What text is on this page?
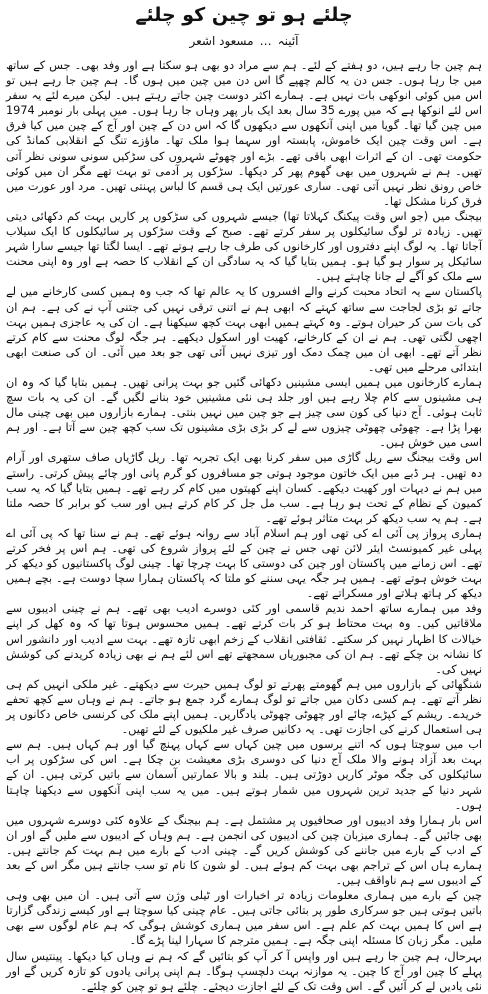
چلئے ہو تو چین کو چلئے
آئینہ…مسعود اشعر

ہم چین جا رہے ہیں، دو ہفتے کے لئے۔ ہم سے مراد دو بھی ہو سکتا ہے اور وفد بھی۔ جس کے ساتھ میں جا رہا ہوں۔ جس دن یہ کالم چھپے گا اس دن میں چین میں ہوں گا۔ ہم چین جا رہے ہیں تو اس میں کوئی انوکھی بات نہیں ہے۔ ہمارے اکثر دوست چین جاتے رہتے ہیں۔ لیکن میرے لئے یہ سفر اس لئے انوکھا ہے کہ میں پورے 35 سال بعد ایک بار پھر وہاں جا رہا ہوں۔ میں پہلی بار نومبر 1974 میں چین گیا تھا۔ گویا میں اپنی آنکھوں سے دیکھوں گا کہ اس دن کے چین اور آج کے چین میں کیا فرق ہے۔ اس وقت چین ایک خاموش، پابستہ اور سہما ہوا ملک تھا۔ ماؤزے تنگ کے انقلابی کمانڈ کی حکومت تھی۔ ان کے اثرات ابھی باقی تھے۔ بڑے اور چھوٹے شہروں کی سڑکیں سونی سونی نظر آتی تھیں۔ ہم نے شہروں میں بھی گھوم پھر کر دیکھا۔ سڑکوں پر آدمی تو بہت تھے مگر ان میں کوئی خاص رونق نظر نہیں آتی تھی۔ ساری عورتیں ایک ہی قسم کا لباس پہنتی تھیں۔ مرد اور عورت میں فرق کرنا مشکل تھا۔

بیجنگ میں (جو اس وقت پیکنگ کہلاتا تھا) جیسے شہروں کی سڑکوں پر کاریں بہت کم دکھائی دیتی تھیں۔ زیادہ تر لوگ سائیکلوں پر سفر کرتے تھے۔ صبح کے وقت سڑکوں پر سائیکلوں کا ایک سیلاب آجاتا تھا۔ یہ لوگ اپنے دفتروں اور کارخانوں کی طرف جا رہے ہوتے تھے۔ ایسا لگتا تھا جیسے سارا شہر سائیکل پر سوار ہو گیا ہو۔ ہمیں بتایا گیا کہ یہ سادگی ان کے انقلاب کا حصہ ہے اور وہ اپنی محنت سے ملک کو آگے لے جانا چاہتے ہیں۔

پاکستان سے یہ اتحاد محبت کرنے والے افسروں کا یہ عالم تھا کہ جب وہ ہمیں کسی کارخانے میں لے جاتے تو بڑی لجاجت سے ساتھ کہتے کہ ابھی ہم نے اتنی ترقی نہیں کی جتنی آپ نے کی ہے۔ ہم ان کی بات سن کر حیران ہوتے۔ وہ کہتے ہمیں ابھی بہت کچھ سیکھنا ہے۔ ان کی یہ عاجزی ہمیں بہت اچھی لگتی تھی۔ ہم نے ان کے کارخانے، کھیت اور اسکول دیکھے۔ ہر جگہ لوگ محنت سے کام کرتے نظر آتے تھے۔ ابھی ان میں چمک دمک اور تیزی نہیں آئی تھی جو بعد میں آئی۔ ان کی صنعت ابھی ابتدائی مرحلے میں تھی۔

ہمارے کارخانوں میں ہمیں ایسی مشینیں دکھائی گئیں جو بہت پرانی تھیں۔ ہمیں بتایا گیا کہ وہ ان ہی مشینوں سے کام چلا رہے ہیں اور جلد ہی نئی مشینیں خود بنانے لگیں گے۔ ان کی یہ بات سچ ثابت ہوئی۔ آج دنیا کی کون سی چیز ہے جو چین میں نہیں بنتی۔ ہمارے بازاروں میں بھی چینی مال بھرا پڑا ہے۔ چھوٹی چھوٹی چیزوں سے لے کر بڑی بڑی مشینوں تک سب کچھ چین سے آتا ہے۔ اور ہم اسی میں خوش ہیں۔

اس وقت بیجنگ سے ریل گاڑی میں سفر کرنا بھی ایک تجربہ تھا۔ ریل گاڑیاں صاف ستھری اور آرام دہ تھیں۔ ہر ڈبے میں ایک خاتون موجود ہوتی جو مسافروں کو گرم پانی اور چائے پیش کرتی۔ راستے میں ہم نے دیہات اور کھیت دیکھے۔ کسان اپنے کھیتوں میں کام کر رہے تھے۔ ہمیں بتایا گیا کہ یہ سب کمیون کے نظام کے تحت ہو رہا ہے۔ سب مل جل کر کام کرتے ہیں اور سب کو برابر کا حصہ ملتا ہے۔ ہم یہ سب دیکھ کر بہت متاثر ہوئے تھے۔

ہماری پرواز پی آئی اے کی تھی اور ہم اسلام آباد سے روانہ ہوئے تھے۔ ہم نے سنا تھا کہ پی آئی اے پہلی غیر کمیونسٹ ایئر لائن تھی جس نے چین کے لئے پرواز شروع کی تھی۔ ہم اس پر فخر کرتے تھے۔ اس زمانے میں پاکستان اور چین کی دوستی کا بہت چرچا تھا۔ چینی لوگ پاکستانیوں کو دیکھ کر بہت خوش ہوتے تھے۔ ہمیں ہر جگہ یہی سننے کو ملتا کہ پاکستان ہمارا سچا دوست ہے۔ بچے ہمیں دیکھ کر ہاتھ ہلاتے اور مسکراتے تھے۔

وفد میں ہمارے ساتھ احمد ندیم قاسمی اور کئی دوسرے ادیب بھی تھے۔ ہم نے چینی ادیبوں سے ملاقاتیں کیں۔ وہ بہت محتاط ہو کر بات کرتے تھے۔ ہمیں محسوس ہوتا تھا کہ وہ کھل کر اپنے خیالات کا اظہار نہیں کر سکتے۔ ثقافتی انقلاب کے زخم ابھی تازہ تھے۔ بہت سے ادیب اور دانشور اس کا نشانہ بن چکے تھے۔ ہم ان کی مجبوریاں سمجھتے تھے اس لئے ہم نے بھی زیادہ کریدنے کی کوشش نہیں کی۔

شنگھائی کے بازاروں میں ہم گھومتے پھرتے تو لوگ ہمیں حیرت سے دیکھتے۔ غیر ملکی انہیں کم ہی نظر آتے تھے۔ ہم کسی دکان میں جاتے تو لوگ ہمارے گرد جمع ہو جاتے۔ ہم نے وہاں سے کچھ تحفے خریدے۔ ریشم کے کپڑے، چائے اور چھوٹی چھوٹی یادگاریں۔ ہمیں اپنے ملک کی کرنسی خاص دکانوں پر ہی استعمال کرنے کی اجازت تھی۔ یہ دکانیں صرف غیر ملکیوں کے لئے تھیں۔

اب میں سوچتا ہوں کہ اتنے برسوں میں چین کہاں سے کہاں پہنچ گیا اور ہم کہاں ہیں۔ ہم سے بہت بعد آزاد ہونے والا ملک آج دنیا کی دوسری بڑی معیشت بن چکا ہے۔ اس کی سڑکوں پر اب سائیکلوں کی جگہ موٹر کاریں دوڑتی ہیں۔ بلند و بالا عمارتیں آسمان سے باتیں کرتی ہیں۔ ان کے شہر دنیا کے جدید ترین شہروں میں شمار ہوتے ہیں۔ میں یہ سب اپنی آنکھوں سے دیکھنا چاہتا ہوں۔

اس بار ہمارا وفد ادیبوں اور صحافیوں پر مشتمل ہے۔ ہم بیجنگ کے علاوہ کئی دوسرے شہروں میں بھی جائیں گے۔ ہماری میزبان چین کی ادیبوں کی انجمن ہے۔ ہم وہاں کے ادیبوں سے ملیں گے اور ان کے ادب کے بارے میں جاننے کی کوشش کریں گے۔ چینی ادب کے بارے میں ہم بہت کم جانتے ہیں۔ ہمارے ہاں اس کے تراجم بھی بہت کم ہوئے ہیں۔ لو شون کا نام تو سب جانتے ہیں مگر اس کے بعد کے ادیبوں سے ہم ناواقف ہیں۔

چین کے بارے میں ہماری معلومات زیادہ تر اخبارات اور ٹیلی وژن سے آتی ہیں۔ ان میں بھی وہی باتیں ہوتی ہیں جو سرکاری طور پر بتائی جاتی ہیں۔ عام چینی کیا سوچتا ہے اور کیسے زندگی گزارتا ہے اس کا ہمیں بہت کم علم ہے۔ اس سفر میں ہماری کوشش ہوگی کہ ہم عام لوگوں سے بھی ملیں۔ مگر زبان کا مسئلہ اپنی جگہ ہے۔ ہمیں مترجم کا سہارا لینا پڑے گا۔

بہرحال، ہم چین جا رہے ہیں اور واپس آ کر آپ کو بتائیں گے کہ ہم نے وہاں کیا دیکھا۔ پینتیس سال پہلے کا چین اور آج کا چین۔ یہ موازنہ بہت دلچسپ ہوگا۔ ہم اپنی پرانی یادوں کو تازہ کریں گے اور نئی یادیں لے کر آئیں گے۔ اس وقت تک کے لئے اجازت دیجئے۔ چلئے ہو تو چین کو چلئے۔
